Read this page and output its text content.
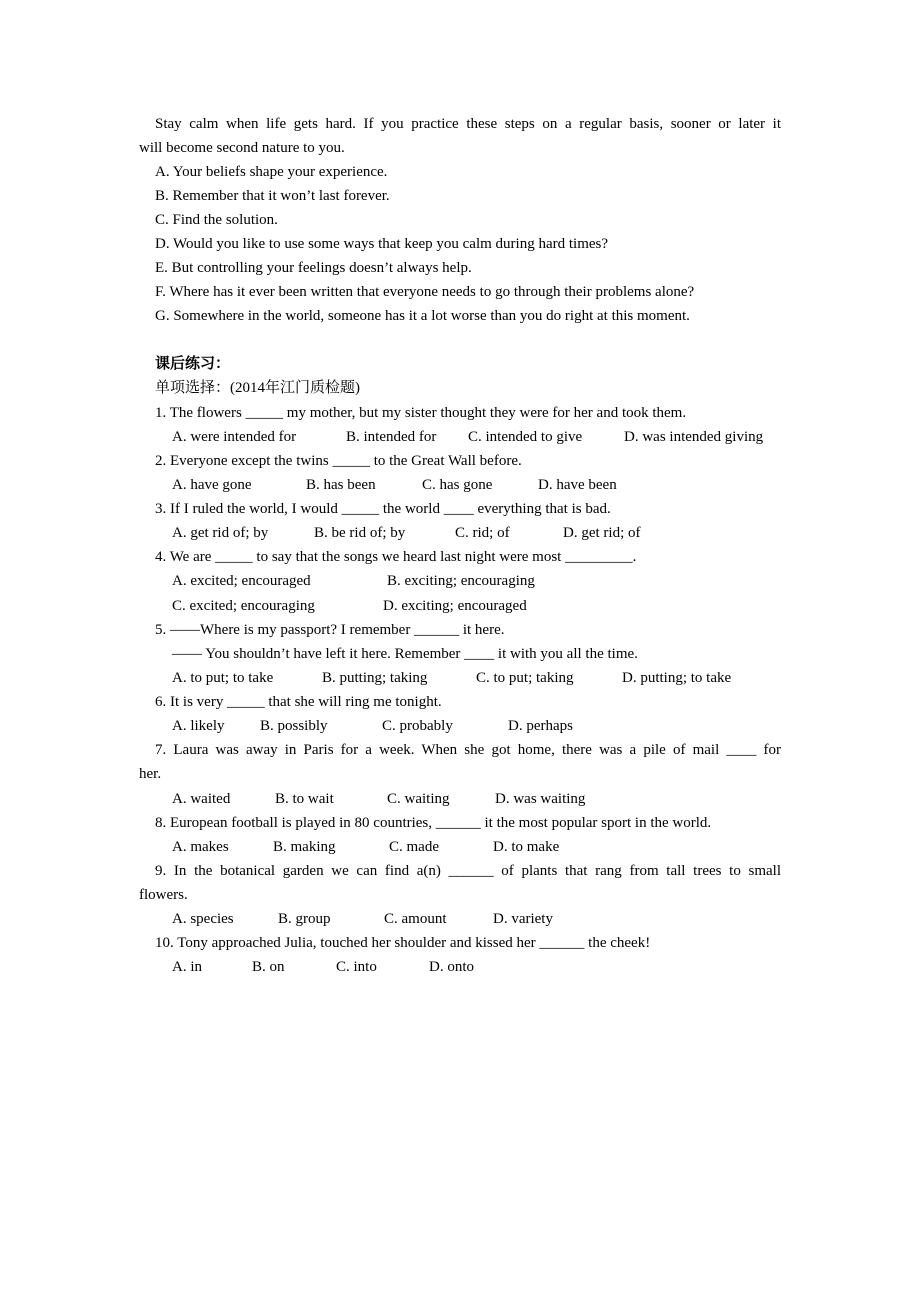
Stay calm when life gets hard. If you practice these steps on a regular basis, sooner or later it
will become second nature to you.
A. Your beliefs shape your experience.
B. Remember that it won’t last forever.
C. Find the solution.
D. Would you like to use some ways that keep you calm during hard times?
E. But controlling your feelings doesn’t always help.
F. Where has it ever been written that everyone needs to go through their problems alone?
G. Somewhere in the world, someone has it a lot worse than you do right at this moment.
课后练习：
单项选择：(2014年江门质检题)
1. The flowers _____ my mother, but my sister thought they were for her and took them.
A. were intended for	B. intended for C. intended to give	D. was intended giving
2. Everyone except the twins _____ to the Great Wall before.
A. have gone	B. has been	C. has gone	D. have been
3. If I ruled the world, I would _____ the world ____ everything that is bad.
A. get rid of; by	B. be rid of; by	C. rid; of	D. get rid; of
4. We are _____ to say that the songs we heard last night were most _________.
A. excited; encouraged	B. exciting; encouraging
C. excited; encouraging	D. exciting; encouraged
5. ——Where is my passport? I remember ______ it here.
—— You shouldn’t have left it here. Remember ____ it with you all the time.
A. to put; to take	B. putting; taking	C. to put; taking	D. putting; to take
6. It is very _____ that she will ring me tonight.
A. likely B. possibly	C. probably	D. perhaps
7. Laura was away in Paris for a week. When she got home, there was a pile of mail ____ for
her.
A. waited	B. to wait	C. waiting	D. was waiting
8. European football is played in 80 countries, ______ it the most popular sport in the world.
A. makes	B. making	C. made	D. to make
9. In the botanical garden we can find a(n) ______ of plants that rang from tall trees to small
flowers.
A. species	B. group	C. amount	D. variety
10. Tony approached Julia, touched her shoulder and kissed her ______ the cheek!
A. in	B. on	C. into	D. onto
